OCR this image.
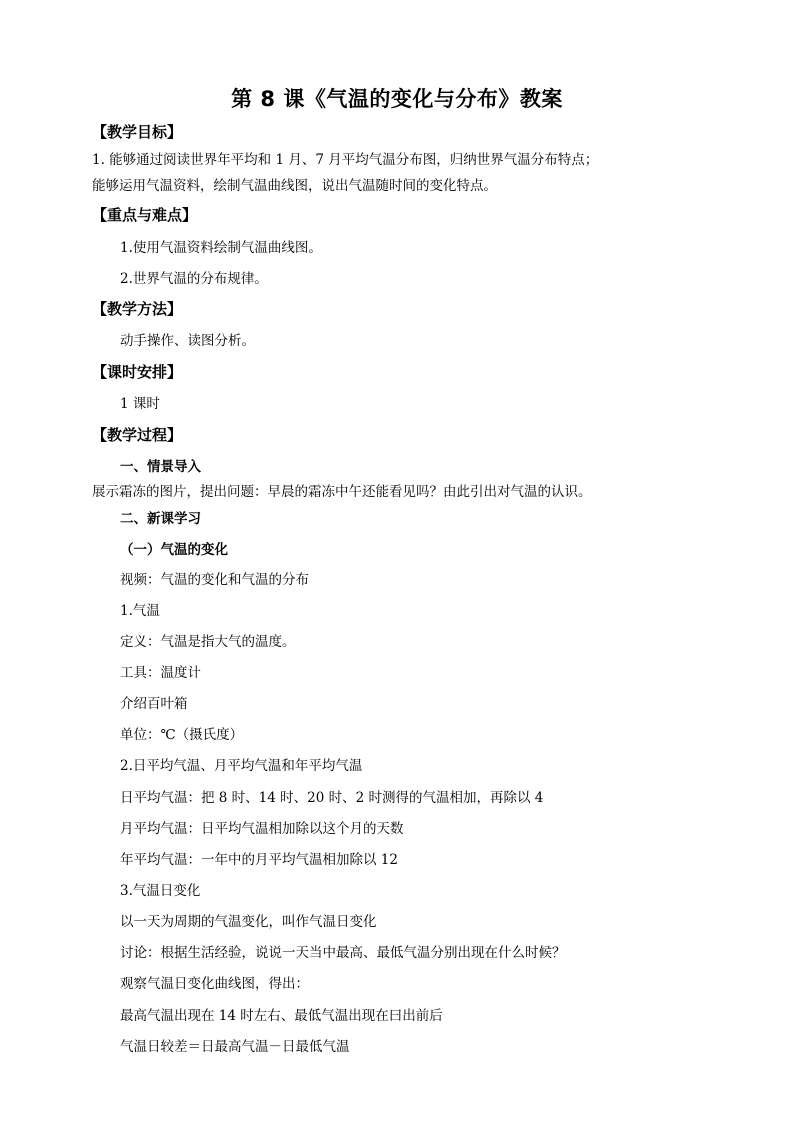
第 8 课《气温的变化与分布》教案
【教学目标】
1. 能够通过阅读世界年平均和 1 月、7 月平均气温分布图，归纳世界气温分布特点；
能够运用气温资料，绘制气温曲线图，说出气温随时间的变化特点。
【重点与难点】
1.使用气温资料绘制气温曲线图。
2.世界气温的分布规律。
【教学方法】
动手操作、读图分析。
【课时安排】
1 课时
【教学过程】
一、情景导入
展示霜冻的图片，提出问题：早晨的霜冻中午还能看见吗？由此引出对气温的认识。
二、新课学习
（一）气温的变化
视频：气温的变化和气温的分布
1.气温
定义：气温是指大气的温度。
工具：温度计
介绍百叶箱
单位：℃（摄氏度）
2.日平均气温、月平均气温和年平均气温
日平均气温：把 8 时、14 时、20 时、2 时测得的气温相加，再除以 4
月平均气温：日平均气温相加除以这个月的天数
年平均气温：一年中的月平均气温相加除以 12
3.气温日变化
以一天为周期的气温变化，叫作气温日变化
讨论：根据生活经验，说说一天当中最高、最低气温分别出现在什么时候？
观察气温日变化曲线图，得出：
最高气温出现在 14 时左右、最低气温出现在曰出前后
气温日较差＝日最高气温－日最低气温
